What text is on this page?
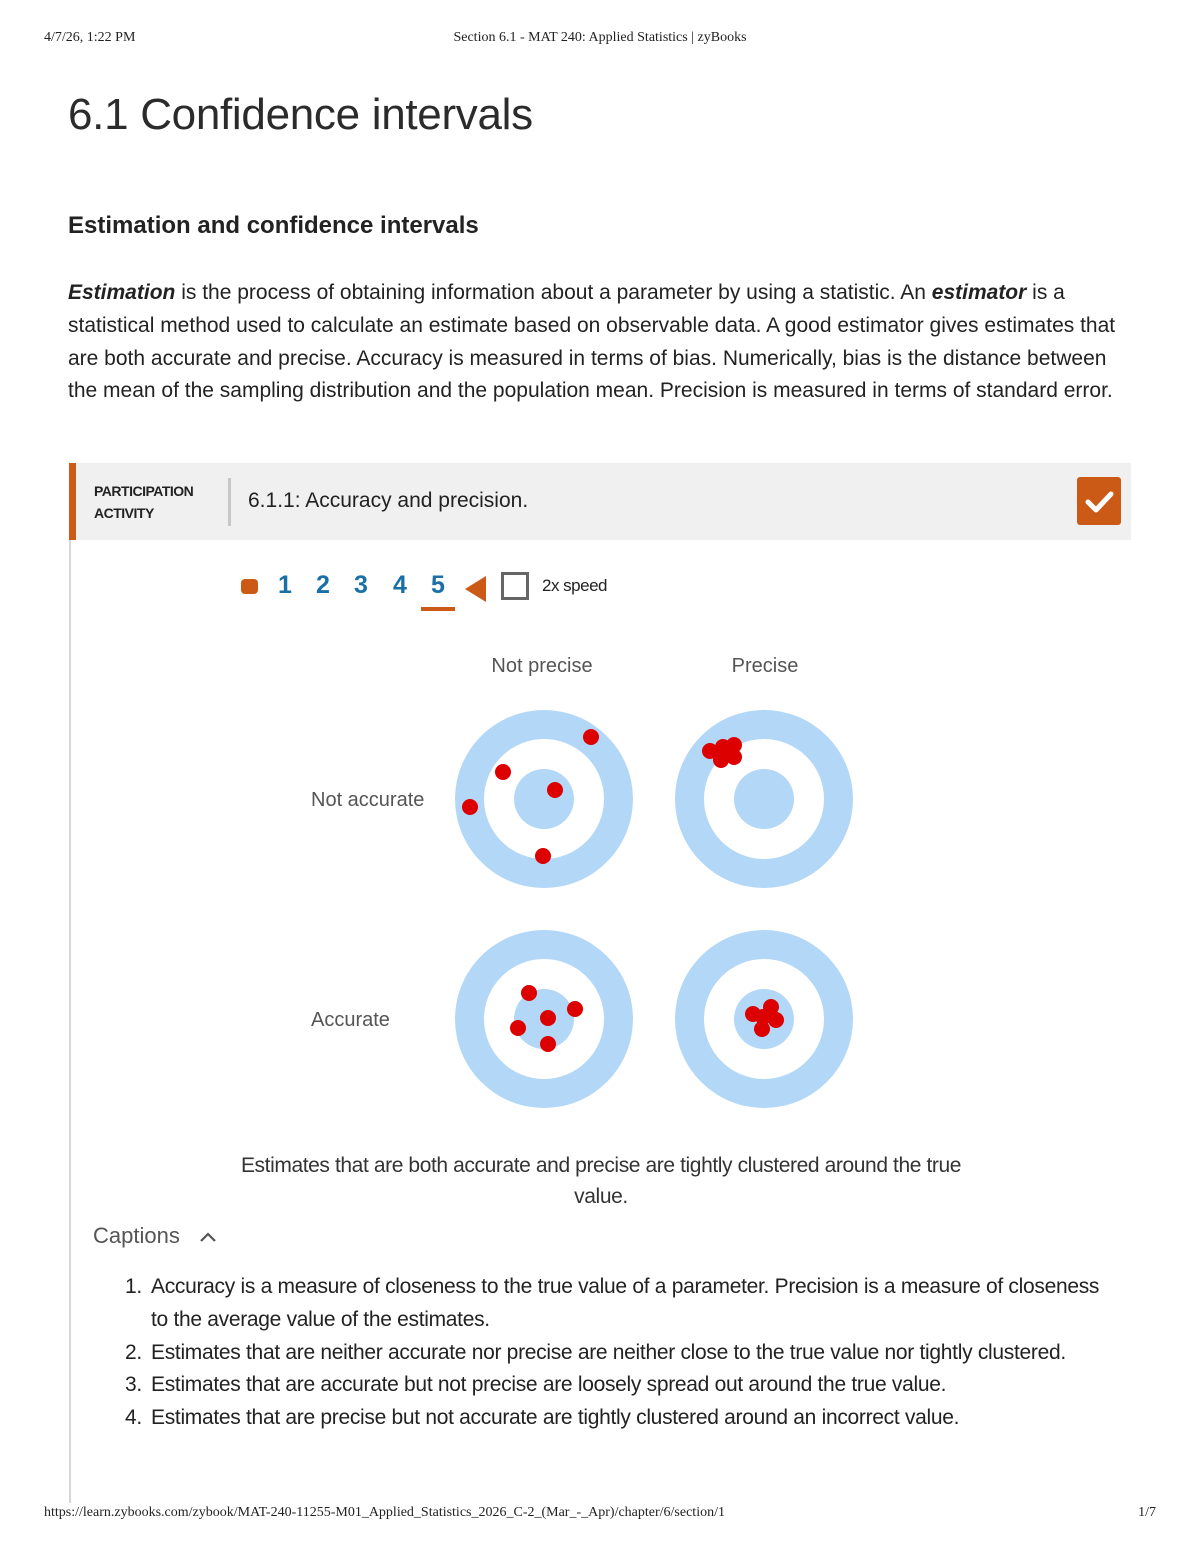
4/7/26, 1:22 PM	Section 6.1 - MAT 240: Applied Statistics | zyBooks
6.1 Confidence intervals
Estimation and confidence intervals

Estimation is the process of obtaining information about a parameter by using a statistic. An estimator is a statistical method used to calculate an estimate based on observable data. A good estimator gives estimates that are both accurate and precise. Accuracy is measured in terms of bias. Numerically, bias is the distance between the mean of the sampling distribution and the population mean. Precision is measured in terms of standard error.

PARTICIPATION
ACTIVITY
6.1.1: Accuracy and precision.
1 2 3	4 5	2x speed
Not precise	Precise
Not accurate
Accurate

Estimates that are both accurate and precise are tightly clustered around the true value.

Captions
1. Accuracy is a measure of closeness to the true value of a parameter. Precision is a measure of closeness to the average value of the estimates.
2. Estimates that are neither accurate nor precise are neither close to the true value nor tightly clustered.
3. Estimates that are accurate but not precise are loosely spread out around the true value.
4. Estimates that are precise but not accurate are tightly clustered around an incorrect value.
https://learn.zybooks.com/zybook/MAT-240-11255-M01_Applied_Statistics_2026_C-2_(Mar_-_Apr)/chapter/6/section/1	1/7
